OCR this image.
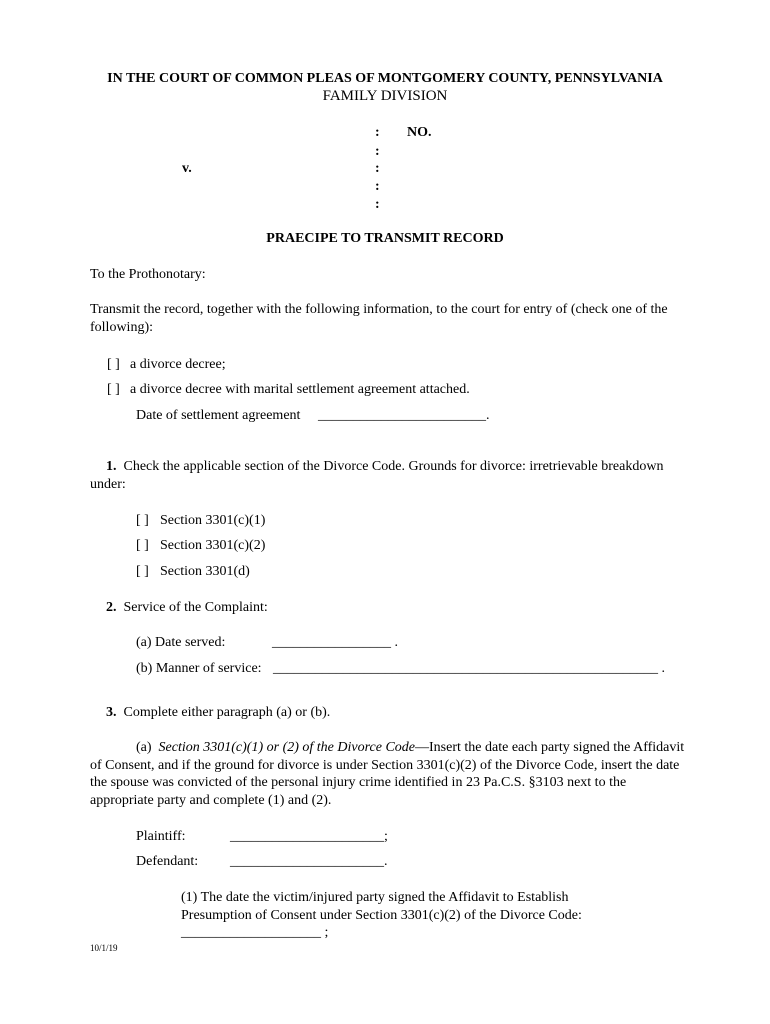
IN THE COURT OF COMMON PLEAS OF MONTGOMERY COUNTY, PENNSYLVANIA
FAMILY DIVISION
: NO.
:
v.	:
:
:
PRAECIPE TO TRANSMIT RECORD
To the Prothonotary:
Transmit the record, together with the following information, to the court for entry of (check one of the following):
[ ] a divorce decree;
[ ] a divorce decree with marital settlement agreement attached.
Date of settlement agreement ________________________.
1. Check the applicable section of the Divorce Code. Grounds for divorce: irretrievable breakdown under:
[ ] Section 3301(c)(1)
[ ] Section 3301(c)(2)
[ ] Section 3301(d)
2. Service of the Complaint:
(a) Date served:	_________________ .
(b) Manner of service: _______________________________________________________ .
3. Complete either paragraph (a) or (b).
(a) Section 3301(c)(1) or (2) of the Divorce Code—Insert the date each party signed the Affidavit of Consent, and if the ground for divorce is under Section 3301(c)(2) of the Divorce Code, insert the date the spouse was convicted of the personal injury crime identified in 23 Pa.C.S. §3103 next to the appropriate party and complete (1) and (2).
Plaintiff:	______________________;
Defendant: ______________________.
(1) The date the victim/injured party signed the Affidavit to Establish Presumption of Consent under Section 3301(c)(2) of the Divorce Code: ____________________ ;
10/1/19
